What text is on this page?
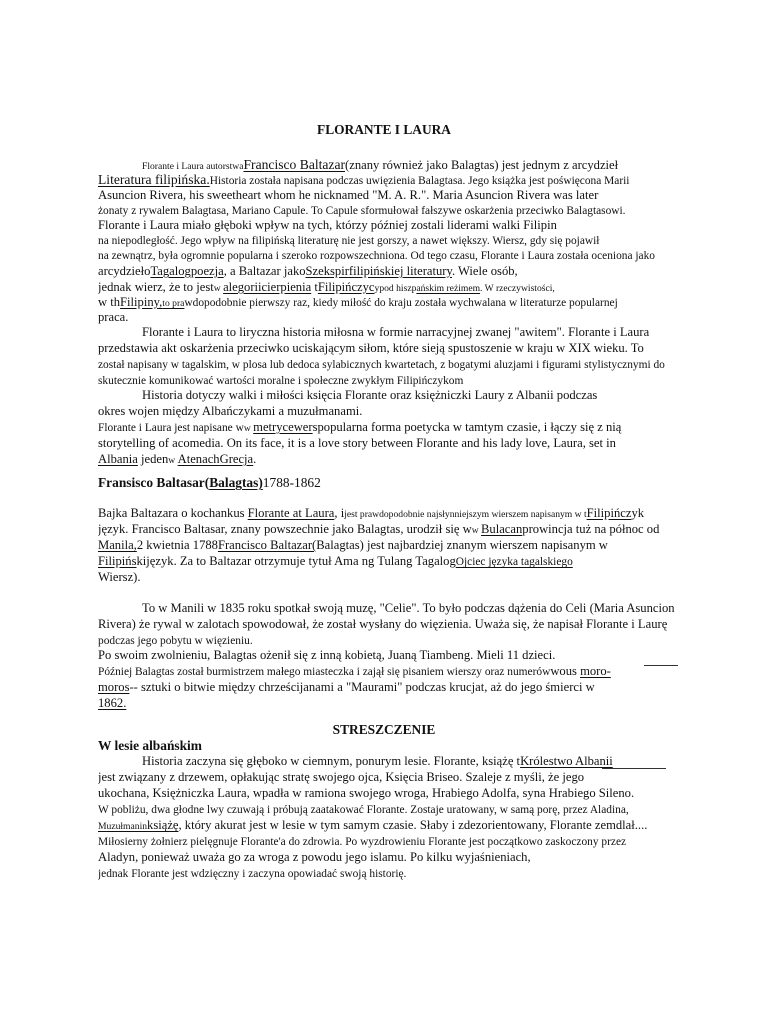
FLORANTE I LAURA
Florante i Laura autorstwaFrancisco Baltazar(znany również jako Balagtas) jest jednym z arcydzieł
Literatura filipińska.Historia została napisana podczas uwięzienia Balagtasa. Jego książka jest poświęcona Marii
Asuncion Rivera, his sweetheart whom he nicknamed "M. A. R.". Maria Asuncion Rivera was later
żonaty z rywalem Balagtasa, Mariano Capule. To Capule sformułował fałszywe oskarżenia przeciwko Balagtasowi.
Florante i Laura miało głęboki wpływ na tych, którzy później zostali liderami walki Filipin
na niepodległość. Jego wpływ na filipińską literaturę nie jest gorszy, a nawet większy. Wiersz, gdy się pojawił
na zewnątrz, była ogromnie popularna i szeroko rozpowszechniona. Od tego czasu, Florante i Laura została oceniona jako
arcydziełoTagalogpoezja, a Baltazar jakoSzekspirfilipińskiej literatury. Wiele osób,
jednak wierz, że to jestw alegoriicierpienia tFilipińczycypod hiszpańskim reżimem. W rzeczywistości,
w thFilipiny,to prawdopodobnie pierwszy raz, kiedy miłość do kraju została wychwalana w literaturze popularnej
praca.
Florante i Laura to liryczna historia miłosna w formie narracyjnej zwanej "awitem". Florante i Laura
przedstawia akt oskarżenia przeciwko uciskającym siłom, które sieją spustoszenie w kraju w XIX wieku. To
został napisany w tagalskim, w plosa lub dedoca sylabicznych kwartetach, z bogatymi aluzjami i figurami stylistycznymi do
skutecznie komunikować wartości moralne i społeczne zwykłym Filipińczykom
Historia dotyczy walki i miłości księcia Florante oraz księżniczki Laury z Albanii podczas
okres wojen między Albańczykami a muzułmanami.
Florante i Laura jest napisane ww metrycewerspopularna forma poetycka w tamtym czasie, i łączy się z nią
storytelling of acomedia. On its face, it is a love story between Florante and his lady love, Laura, set in
Albania jedenw AtenachGrecja.
Fransisco Baltasar(Balagtas)1788-1862
Bajka Baltazara o kochankus Florante at Laura, ijest prawdopodobnie najsłynniejszym wierszem napisanym w tFilipińczyk
język. Francisco Baltasar, znany powszechnie jako Balagtas, urodził się ww Bulacanprowincja tuż na północ od
Manila,2 kwietnia 1788Francisco Baltazar(Balagtas) jest najbardziej znanym wierszem napisanym w
Filipińskijęzyk. Za to Baltazar otrzymuje tytuł Ama ng Tulang TagalogOjciec języka tagalskiego
Wiersz).
To w Manili w 1835 roku spotkał swoją muzę, "Celie". To było podczas dążenia do Celi (Maria Asuncion
Rivera) że rywal w zalotach spowodował, że został wysłany do więzienia. Uważa się, że napisał Florante i Laurę
podczas jego pobytu w więzieniu.
Po swoim zwolnieniu, Balagtas ożenił się z inną kobietą, Juaną Tiambeng. Mieli 11 dzieci.
Później Balagtas został burmistrzem małego miasteczka i zajął się pisaniem wierszy oraz numerówwous moro-
moros-- sztuki o bitwie między chrześcijanami a "Maurami" podczas krucjat, aż do jego śmierci w
1862.
STRESZCZENIE
W lesie albańskim
Historia zaczyna się głęboko w ciemnym, ponurym lesie. Florante, książę tKrólestwo Albanii
jest związany z drzewem, opłakując stratę swojego ojca, Księcia Briseo. Szaleje z myśli, że jego
ukochana, Księżniczka Laura, wpadła w ramiona swojego wroga, Hrabiego Adolfa, syna Hrabiego Sileno.
W pobliżu, dwa głodne lwy czuwają i próbują zaatakować Florante. Zostaje uratowany, w samą porę, przez Aladina,
Muzułmaninksiążę, który akurat jest w lesie w tym samym czasie. Słaby i zdezorientowany, Florante zemdlał....
Miłosierny żołnierz pielęgnuje Florante'a do zdrowia. Po wyzdrowieniu Florante jest początkowo zaskoczony przez
Aladyn, ponieważ uważa go za wroga z powodu jego islamu. Po kilku wyjaśnieniach,
jednak Florante jest wdzięczny i zaczyna opowiadać swoją historię.
